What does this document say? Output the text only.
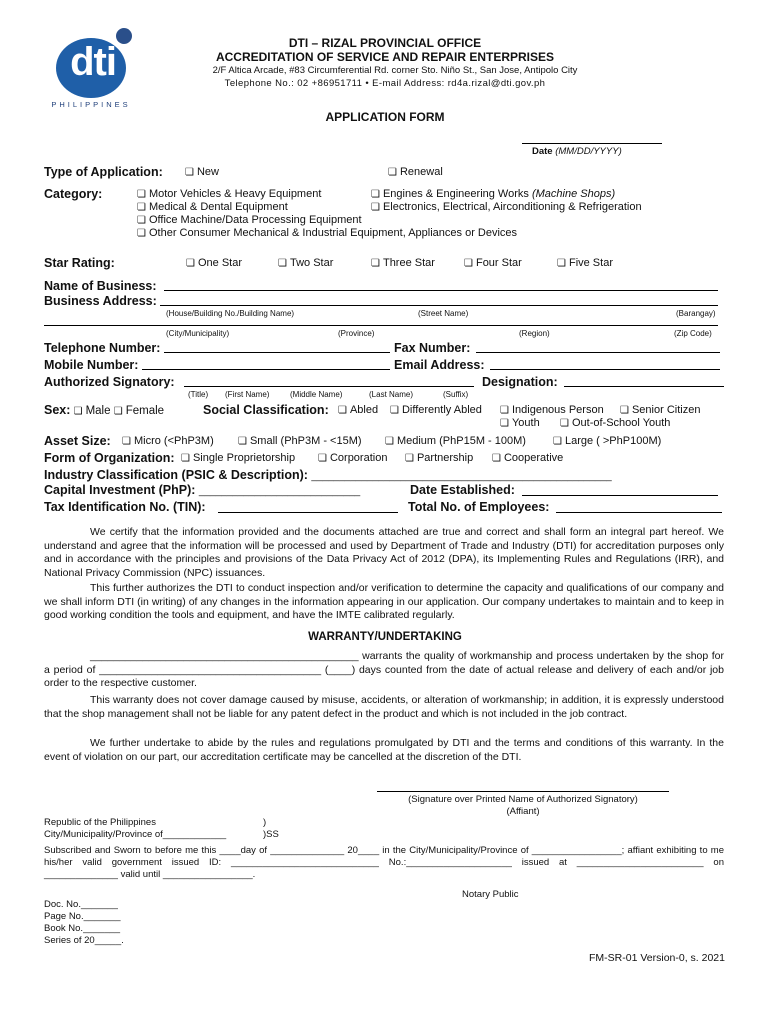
dti
PHILIPPINES
DTI – RIZAL PROVINCIAL OFFICE
ACCREDITATION OF SERVICE AND REPAIR ENTERPRISES
2/F Altica Arcade, #83 Circumferential Rd. corner Sto. Niño St., San Jose, Antipolo City
Telephone No.: 02 +86951711 • E-mail Address: rd4a.rizal@dti.gov.ph
APPLICATION FORM
Date (MM/DD/YYYY)
Type of Application:	❏ New	❏ Renewal
Category:	❏ Motor Vehicles & Heavy Equipment	❏ Engines & Engineering Works (Machine Shops)
❏ Medical & Dental Equipment	❏ Electronics, Electrical, Airconditioning & Refrigeration
❏ Office Machine/Data Processing Equipment
❏ Other Consumer Mechanical & Industrial Equipment, Appliances or Devices
Star Rating:	❏ One Star	❏ Two Star	❏ Three Star	❏ Four Star	❏ Five Star
Name of Business:
Business Address:
(House/Building No./Building Name)	(Street Name)	(Barangay)
(City/Municipality)	(Province)	(Region)	(Zip Code)
Telephone Number:	Fax Number:
Mobile Number:	Email Address:
Authorized Signatory:	Designation:
(Title) (First Name)	(Middle Name)	(Last Name)	(Suffix)
Sex: ❏ Male ❏ Female	Social Classification:	❏ Abled	❏ Differently Abled	❏ Indigenous Person	❏ Senior Citizen
❏ Youth	❏ Out-of-School Youth
Asset Size:	❏ Micro (<PhP3M)	❏ Small (PhP3M - <15M)	❏ Medium (PhP15M - 100M)	❏ Large ( >PhP100M)
Form of Organization:	❏ Single Proprietorship	❏ Corporation	❏ Partnership	❏ Cooperative
Industry Classification (PSIC & Description): ______________________________________________________
Capital Investment (PhP): _____________________________	Date Established:
Tax Identification No. (TIN):	Total No. of Employees:
We certify that the information provided and the documents attached are true and correct and shall form an integral part hereof. We understand and agree that the information will be processed and used by Department of Trade and Industry (DTI) for accreditation purposes only and in accordance with the principles and provisions of the Data Privacy Act of 2012 (DPA), its Implementing Rules and Regulations (IRR), and National Privacy Commission (NPC) issuances.
This further authorizes the DTI to conduct inspection and/or verification to determine the capacity and qualifications of our company and we shall inform DTI (in writing) of any changes in the information appearing in our application. Our company undertakes to maintain and to keep in good working condition the tools and equipment, and have the IMTE calibrated regularly.
WARRANTY/UNDERTAKING
______________________________________________ warrants the quality of workmanship and process undertaken by the shop for a period of ______________________________________ (____) days counted from the date of actual release and delivery of each and/or job order to the respective customer.
This warranty does not cover damage caused by misuse, accidents, or alteration of workmanship; in addition, it is expressly understood that the shop management shall not be liable for any patent defect in the product and which is not included in the job contract.
We further undertake to abide by the rules and regulations promulgated by DTI and the terms and conditions of this warranty. In the event of violation on our part, our accreditation certificate may be cancelled at the discretion of the DTI.
(Signature over Printed Name of Authorized Signatory)
(Affiant)
Republic of the Philippines	)
City/Municipality/Province of____________	)SS
Subscribed and Sworn to before me this ____day of ______________ 20____ in the City/Municipality/Province of _________________; affiant exhibiting to me his/her valid government issued ID: ____________________________ No.:____________________ issued at ________________________ on ______________ valid until _________________.
Notary Public
Doc. No._______
Page No._______
Book No._______
Series of 20_____.
FM-SR-01 Version-0, s. 2021
